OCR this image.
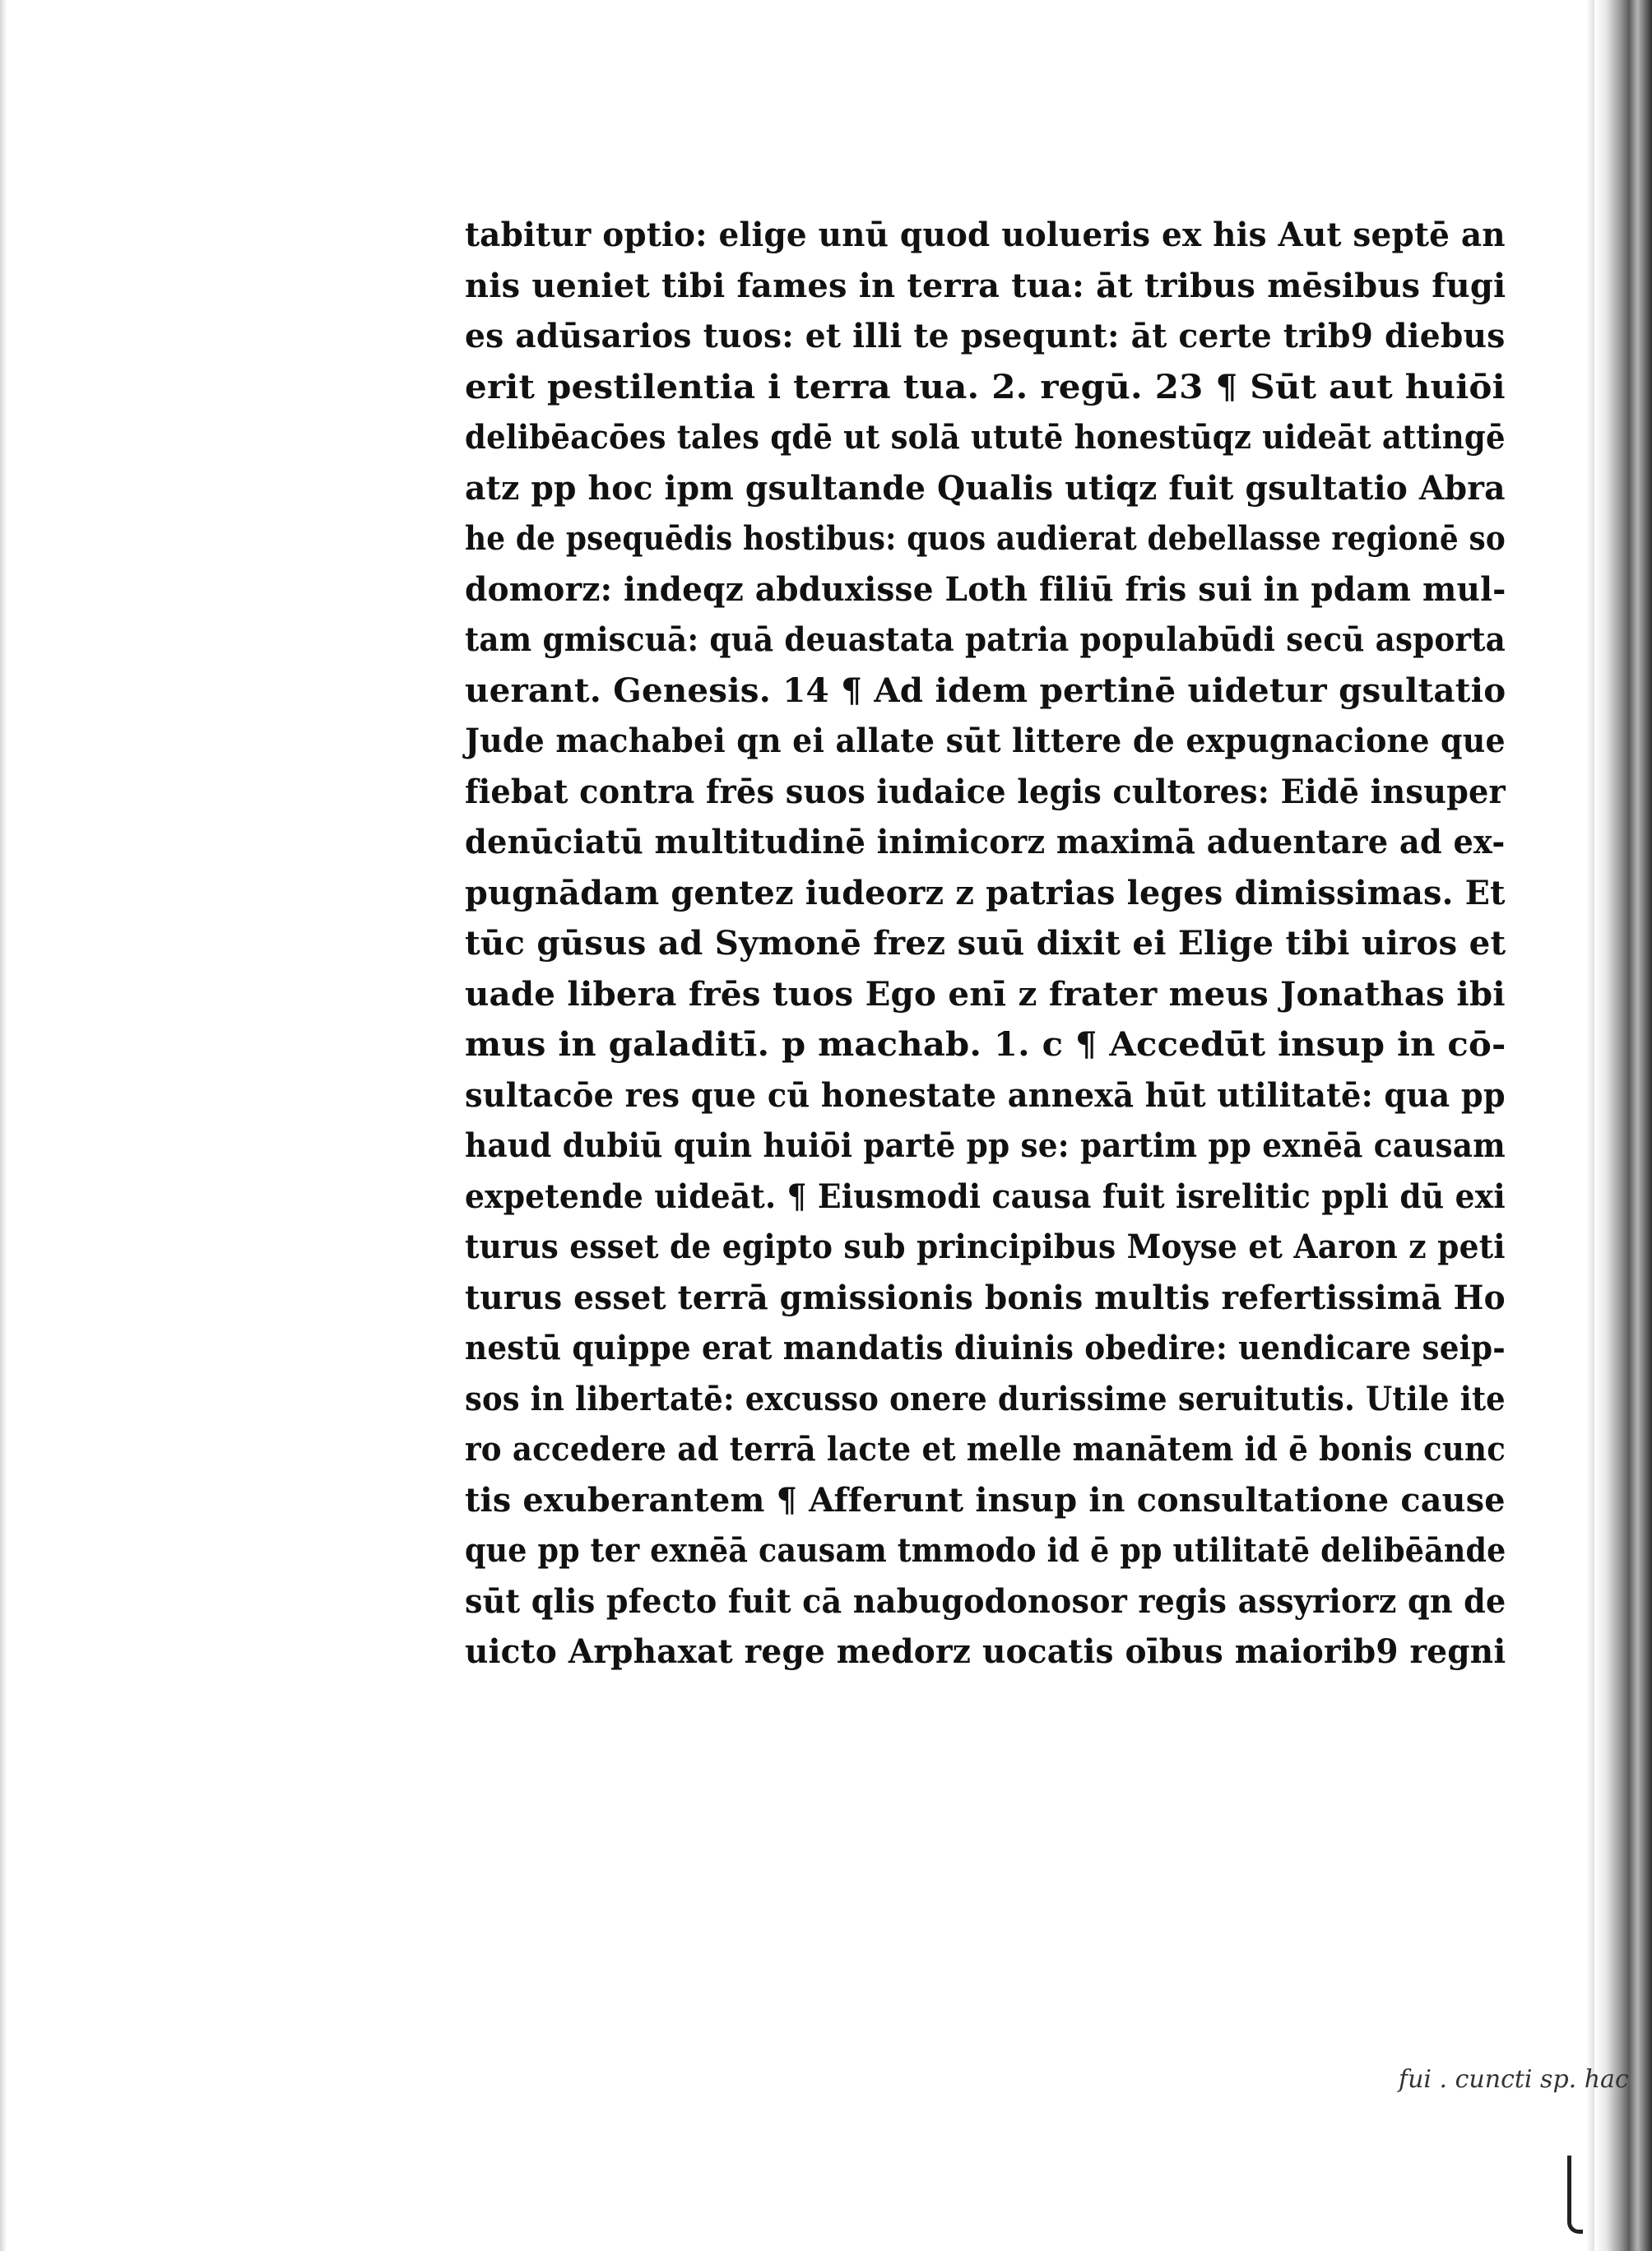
tabitur optio: elige unū quod uolueris ex his Aut septē an
nis ueniet tibi fames in terra tua: āt tribus mēsibus fugi
es adūsarios tuos: et illi te psequnt: āt certe trib9 diebus
erit pestilentia i terra tua. 2. regū. 23 ¶ Sūt aut huiōi
delibēacōes tales qdē ut solā ututē honestūqz uideāt attingē
atz pp hoc ipm gsultande Qualis utiqz fuit gsultatio Abra
he de psequēdis hostibus: quos audierat debellasse regionē so
domorz: indeqz abduxisse Loth filiū fris sui in pdam mul-
tam gmiscuā: quā deuastata patria populabūdi secū asporta
uerant. Genesis. 14 ¶ Ad idem pertinē uidetur gsultatio
Jude machabei qn ei allate sūt littere de expugnacione que
fiebat contra frēs suos iudaice legis cultores: Eidē insuper
denūciatū multitudinē inimicorz maximā aduentare ad ex-
pugnādam gentez iudeorz z patrias leges dimissimas. Et
tūc gūsus ad Symonē frez suū dixit ei Elige tibi uiros et
uade libera frēs tuos Ego enī z frater meus Jonathas ibi
mus in galaditī. p machab. 1. c ¶ Accedūt insup in cō-
sultacōe res que cū honestate annexā hūt utilitatē: qua pp
haud dubiū quin huiōi partē pp se: partim pp exnēā causam
expetende uideāt. ¶ Eiusmodi causa fuit isrelitic ppli dū exi
turus esset de egipto sub principibus Moyse et Aaron z peti
turus esset terrā gmissionis bonis multis refertissimā Ho
nestū quippe erat mandatis diuinis obedire: uendicare seip-
sos in libertatē: excusso onere durissime seruitutis. Utile ite
ro accedere ad terrā lacte et melle manātem id ē bonis cunc
tis exuberantem ¶ Afferunt insup in consultatione cause
que pp ter exnēā causam tmmodo id ē pp utilitatē delibēānde
sūt qlis pfecto fuit cā nabugodonosor regis assyriorz qn de
uicto Arphaxat rege medorz uocatis oībus maiorib9 regni
fui . cuncti sp. hac
